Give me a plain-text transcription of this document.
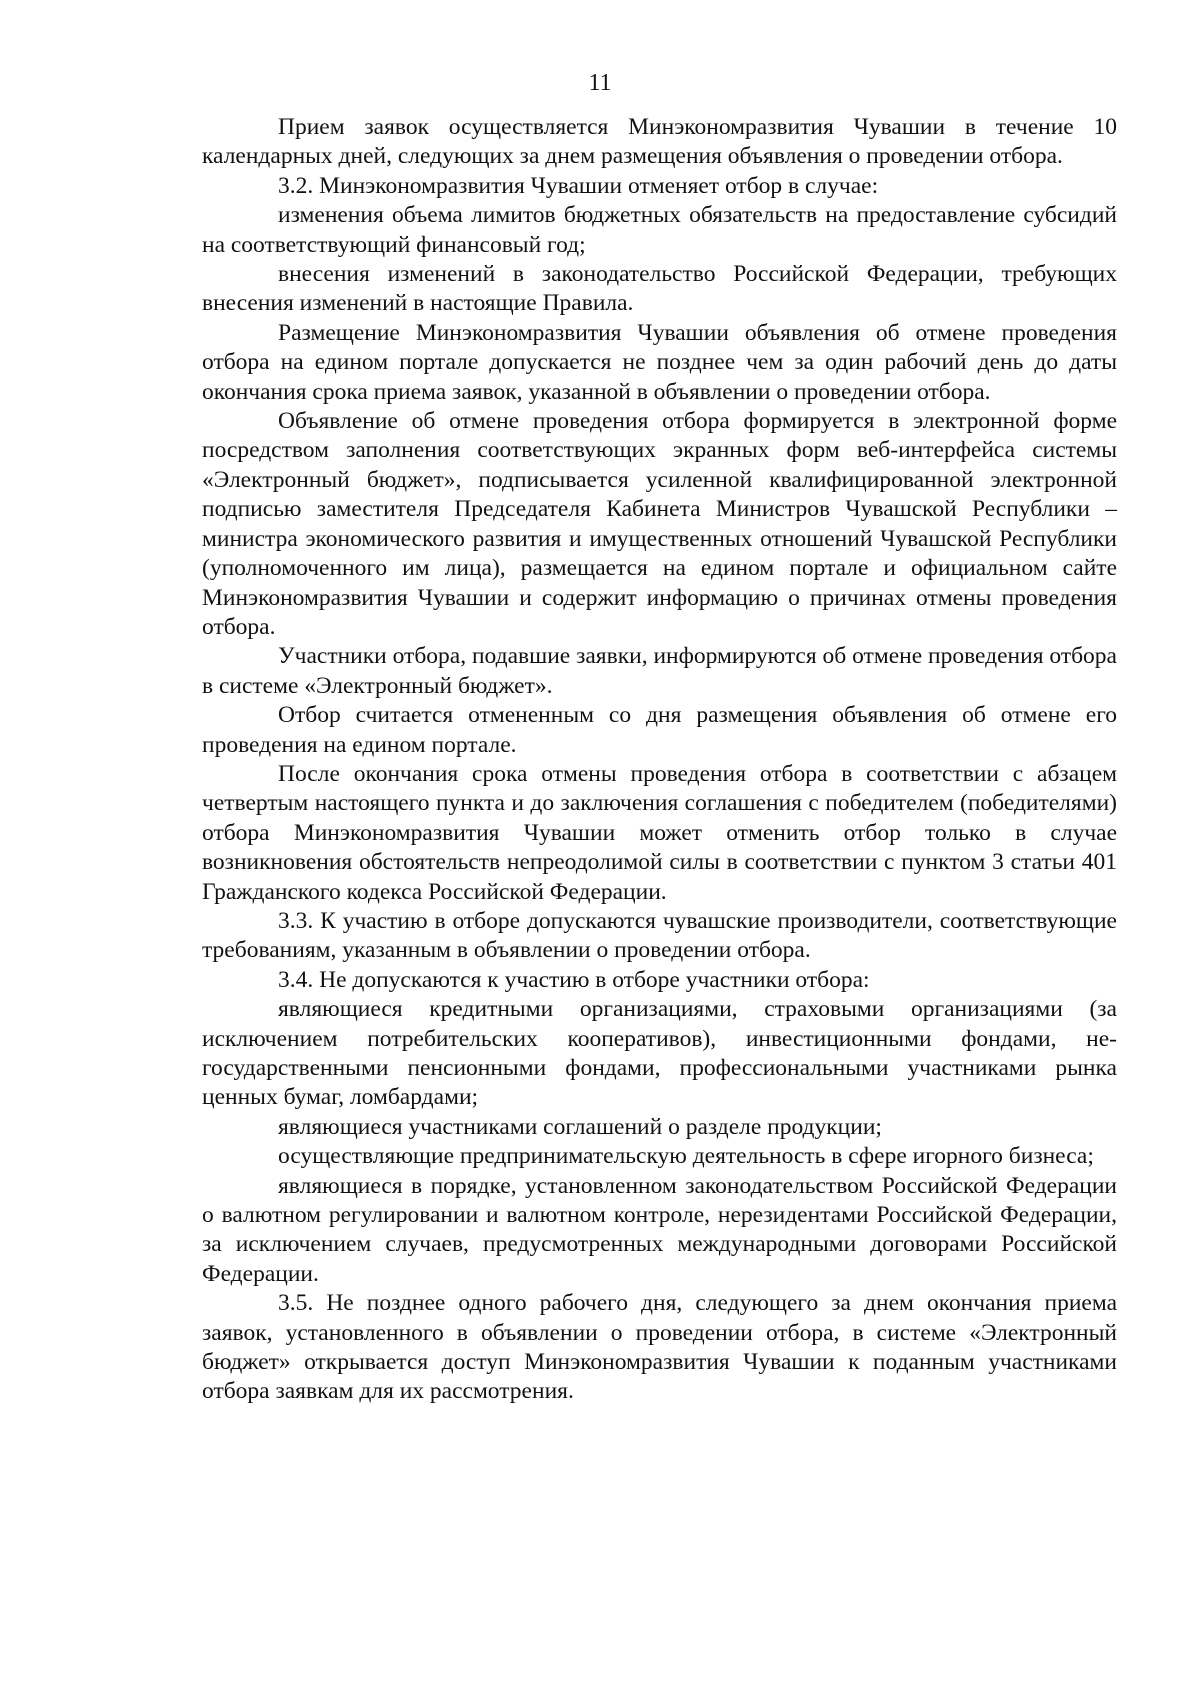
11

Прием заявок осуществляется Минэкономразвития Чувашии в течение 10 календарных дней, следующих за днем размещения объявления о проведении отбора.

3.2. Минэкономразвития Чувашии отменяет отбор в случае:

изменения объема лимитов бюджетных обязательств на предоставление субсидий на соответствующий финансовый год;

внесения изменений в законодательство Российской Федерации, требующих внесения изменений в настоящие Правила.

Размещение Минэкономразвития Чувашии объявления об отмене проведения отбора на едином портале допускается не позднее чем за один рабочий день до даты окончания срока приема заявок, указанной в объявлении о проведении отбора.

Объявление об отмене проведения отбора формируется в электронной форме посредством заполнения соответствующих экранных форм веб-интерфейса системы «Электронный бюджет», подписывается усиленной квалифицированной электронной подписью заместителя Председателя Кабинета Министров Чувашской Республики – министра экономического развития и имущественных отношений Чувашской Республики (уполномоченного им лица), размещается на едином портале и официальном сайте Минэкономразвития Чувашии и содержит информацию о причинах отмены проведения отбора.

Участники отбора, подавшие заявки, информируются об отмене проведения отбора в системе «Электронный бюджет».

Отбор считается отмененным со дня размещения объявления об отмене его проведения на едином портале.

После окончания срока отмены проведения отбора в соответствии с абзацем четвертым настоящего пункта и до заключения соглашения с победителем (победителями) отбора Минэкономразвития Чувашии может отменить отбор только в случае возникновения обстоятельств непреодолимой силы в соответствии с пунктом 3 статьи 401 Гражданского кодекса Российской Федерации.

3.3. К участию в отборе допускаются чувашские производители, соответствующие требованиям, указанным в объявлении о проведении отбора.

3.4. Не допускаются к участию в отборе участники отбора:

являющиеся кредитными организациями, страховыми организациями (за исключением потребительских кооперативов), инвестиционными фондами, негосударственными пенсионными фондами, профессиональными участниками рынка ценных бумаг, ломбардами;

являющиеся участниками соглашений о разделе продукции;

осуществляющие предпринимательскую деятельность в сфере игорного бизнеса;

являющиеся в порядке, установленном законодательством Российской Федерации о валютном регулировании и валютном контроле, нерезидентами Российской Федерации, за исключением случаев, предусмотренных международными договорами Российской Федерации.

3.5. Не позднее одного рабочего дня, следующего за днем окончания приема заявок, установленного в объявлении о проведении отбора, в системе «Электронный бюджет» открывается доступ Минэкономразвития Чувашии к поданным участниками отбора заявкам для их рассмотрения.
